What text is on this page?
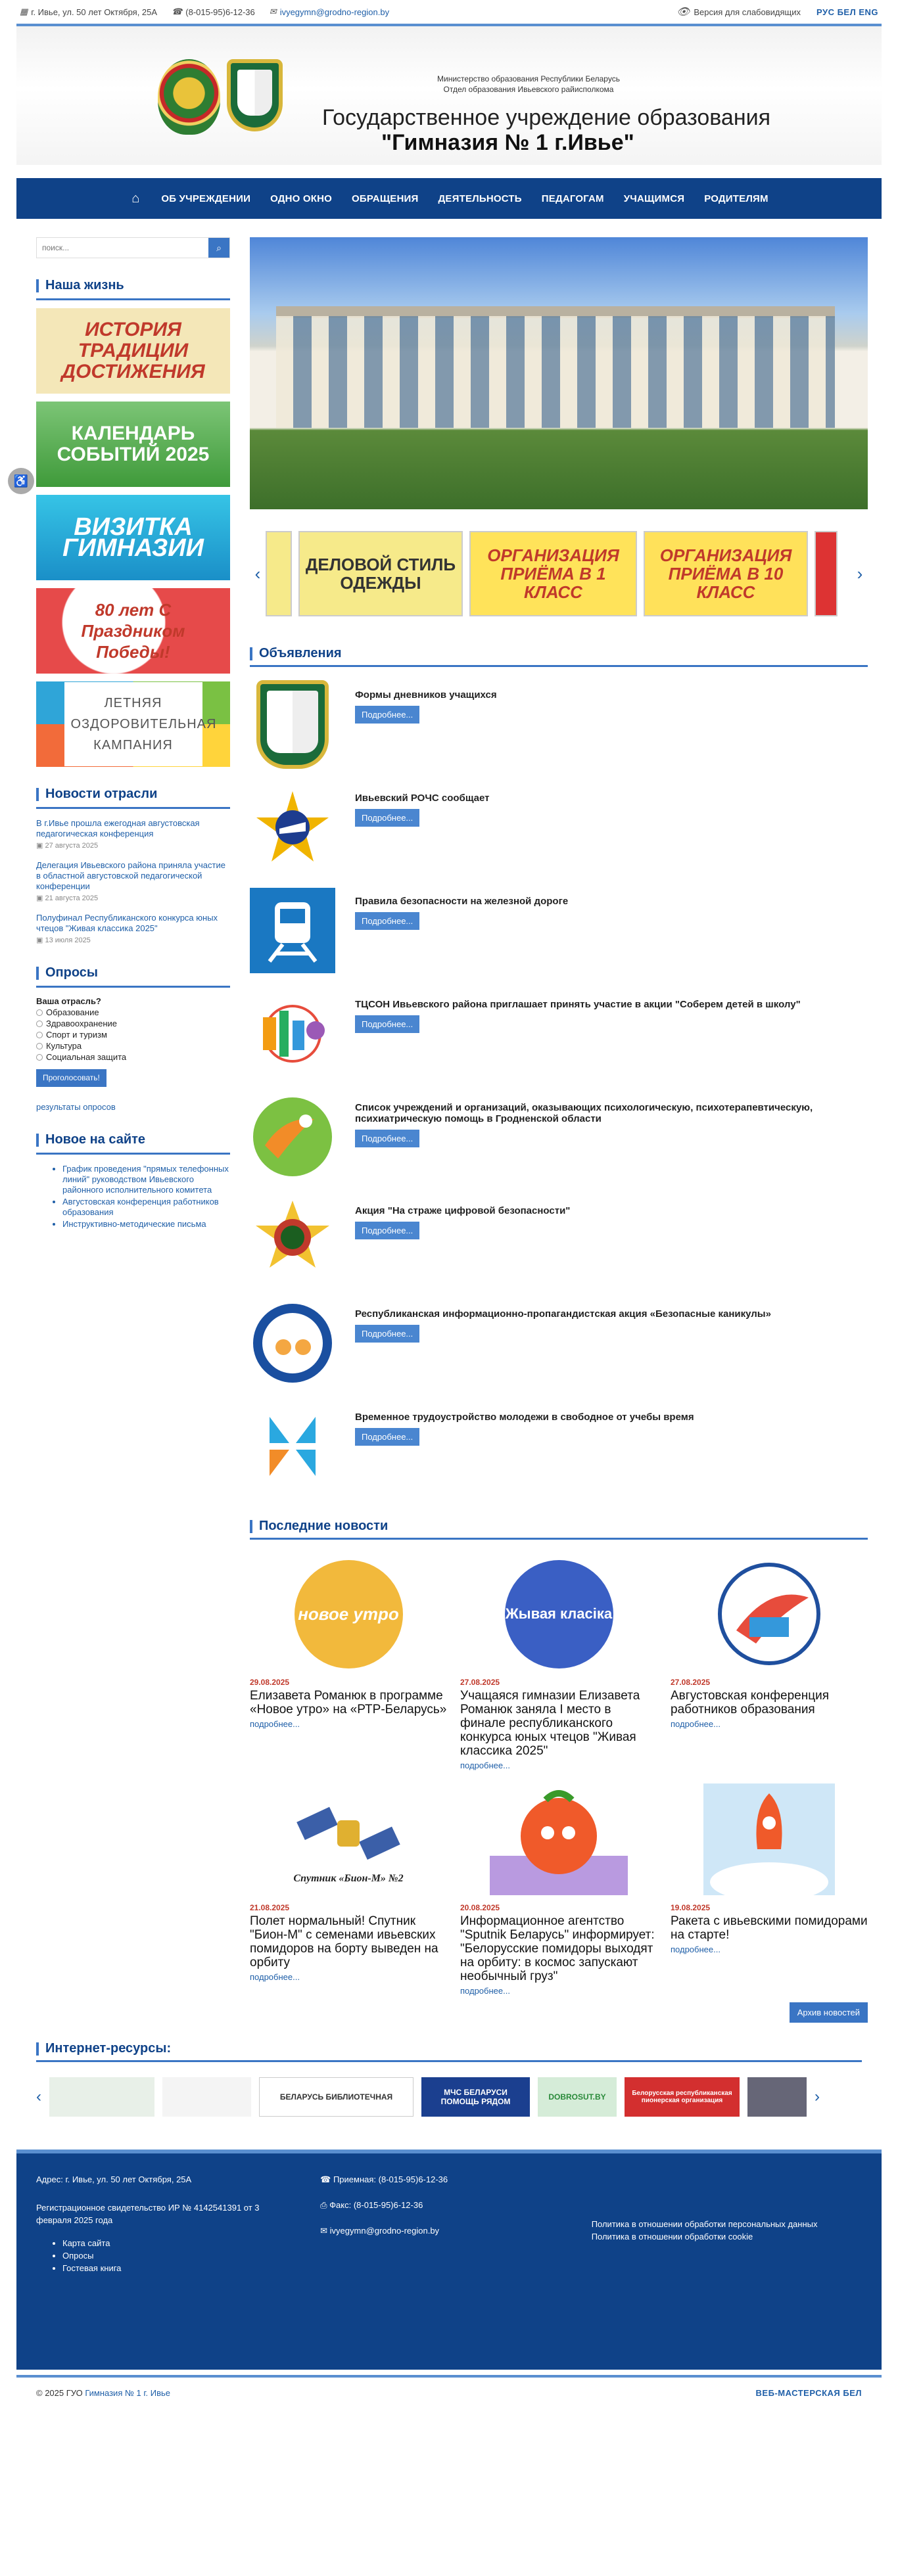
♿
▦ г. Ивье, ул. 50 лет Октября, 25А ☎ (8-015-95)6-12-36 ✉ ivyegymn@grodno-region.by	👁 Версия для слабовидящих РУС БЕЛ ENG
Министерство образования Республики Беларусь
Отдел образования Ивьевского райисполкома
Государственное учреждение образования
"Гимназия № 1 г.Ивье"
⌂	ОБ УЧРЕЖДЕНИИ	ОДНО ОКНО	ОБРАЩЕНИЯ	ДЕЯТЕЛЬНОСТЬ	ПЕДАГОГАМ	УЧАЩИМСЯ	РОДИТЕЛЯМ
поиск...
⌕
Наша жизнь
ИСТОРИЯ ТРАДИЦИИ ДОСТИЖЕНИЯ
КАЛЕНДАРЬ СОБЫТИЙ 2025
ВИЗИТКА ГИМНАЗИИ
80 лет С Праздником Победы!
ЛЕТНЯЯ ОЗДОРОВИТЕЛЬНАЯ КАМПАНИЯ
Новости отрасли
В г.Ивье прошла ежегодная августовская педагогическая конференция
▣ 27 августа 2025
Делегация Ивьевского района приняла участие в областной августовской педагогической конференции
▣ 21 августа 2025
Полуфинал Республиканского конкурса юных чтецов "Живая классика 2025"
▣ 13 июля 2025
Опросы
Ваша отрасль?
Образование
Здравоохранение
Спорт и туризм
Культура
Социальная защита
Проголосовать!
результаты опросов
Новое на сайте
• График проведения "прямых телефонных линий" руководством Ивьевского районного исполнительного комитета
• Августовская конференция работников образования
• Инструктивно-методические письма
‹	ДЕЛОВОЙ СТИЛЬ ОДЕЖДЫ
ОРГАНИЗАЦИЯ ПРИЁМА В 1 КЛАСС
ОРГАНИЗАЦИЯ ПРИЁМА В 10 КЛАСС
›
Объявления
Формы дневников учащихся
Подробнее...
Ивьевский РОЧС сообщает
Подробнее...
Правила безопасности на железной дороге
Подробнее...
ТЦСОН Ивьевского района приглашает принять участие в акции "Соберем детей в школу"
Подробнее...
Список учреждений и организаций, оказывающих психологическую, психотерапевтическую, психиатрическую помощь в Гродненской области
Подробнее...
Акция "На страже цифровой безопасности"
Подробнее...
Республиканская информационно-пропагандистская акция «Безопасные каникулы»
Подробнее...
Временное трудоустройство молодежи в свободное от учебы время
Подробнее...
Последние новости
новое утро
29.08.2025
Елизавета Романюк в программе «Новое утро» на «РТР-Беларусь»
подробнее...
Жывая класіка
27.08.2025
Учащаяся гимназии Елизавета Романюк заняла I место в финале республиканского конкурса юных чтецов "Живая классика 2025"
подробнее...
27.08.2025
Августовская конференция работников образования
подробнее...
Спутник «Бион-М» №2
21.08.2025
Полет нормальный! Спутник "Бион-М" с семенами ивьевских помидоров на борту выведен на орбиту
подробнее...
20.08.2025
Информационное агентство "Sputnik Беларусь" информирует: "Белорусские помидоры выходят на орбиту: в космос запускают необычный груз"
подробнее...
19.08.2025
Ракета с ивьевскими помидорами на старте!
подробнее...
Архив новостей
Интернет-ресурсы:
‹	БЕЛАРУСЬ БИБЛИОТЕЧНАЯ	МЧС БЕЛАРУСИ ПОМОЩЬ РЯДОМ	DOBROSUT.BY	Белорусская республиканская пионерская организация	›
Адрес: г. Ивье, ул. 50 лет Октября, 25А
Регистрационное свидетельство ИР № 4142541391 от 3 февраля 2025 года
• Карта сайта
• Опросы
• Гостевая книга
☎ Приемная: (8-015-95)6-12-36
⎙ Факс: (8-015-95)6-12-36
✉ ivyegymn@grodno-region.by
Политика в отношении обработки персональных данных
Политика в отношении обработки cookie
© 2025 ГУО Гимназия № 1 г. Ивье	ВЕБ-МАСТЕРСКАЯ БЕЛ
